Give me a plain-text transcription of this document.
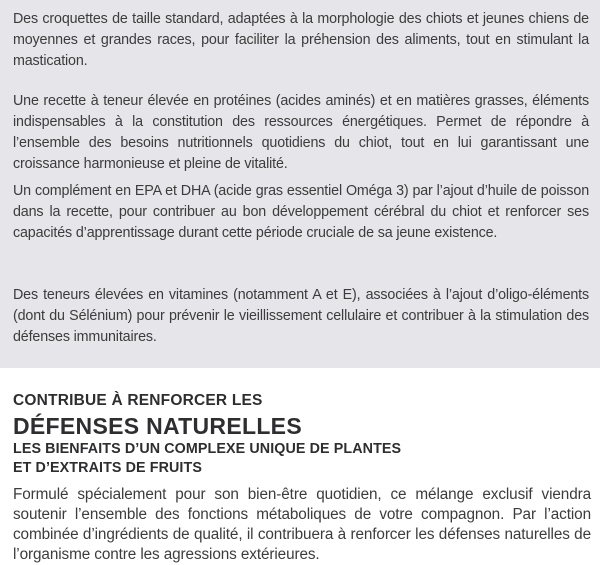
Des croquettes de taille standard, adaptées à la morphologie des chiots et jeunes chiens de moyennes et grandes races, pour faciliter la préhension des aliments, tout en stimulant la mastication.

Une recette à teneur élevée en protéines (acides aminés) et en matières grasses, éléments indispensables à la constitution des ressources énergétiques. Permet de répondre à l’ensemble des besoins nutritionnels quotidiens du chiot, tout en lui garantissant une croissance harmonieuse et pleine de vitalité.

Un complément en EPA et DHA (acide gras essentiel Oméga 3) par l’ajout d’huile de poisson dans la recette, pour contribuer au bon développement cérébral du chiot et renforcer ses capacités d’apprentissage durant cette période cruciale de sa jeune existence.

Des teneurs élevées en vitamines (notamment A et E), associées à l’ajout d’oligo-éléments (dont du Sélénium) pour prévenir le vieillissement cellulaire et contribuer à la stimulation des défenses immunitaires.

CONTRIBUE À RENFORCER LES

DÉFENSES NATURELLES

LES BIENFAITS D’UN COMPLEXE UNIQUE DE PLANTES

ET D’EXTRAITS DE FRUITS

Formulé spécialement pour son bien-être quotidien, ce mélange exclusif viendra soutenir l’ensemble des fonctions métaboliques de votre compagnon. Par l’action combinée d’ingrédients de qualité, il contribuera à renforcer les défenses naturelles de l’organisme contre les agressions extérieures.
